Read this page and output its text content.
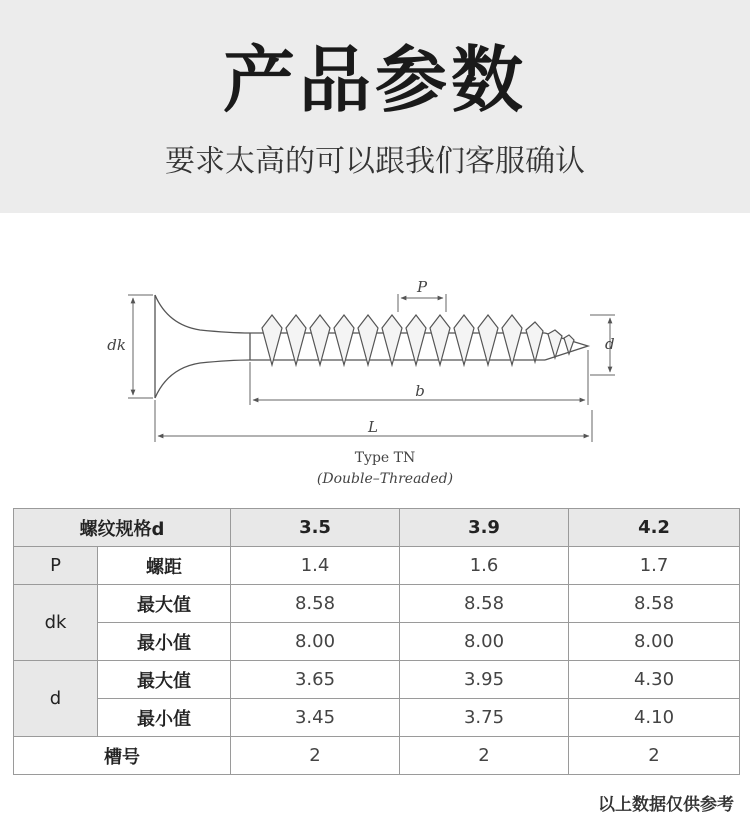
产品参数
要求太高的可以跟我们客服确认
dk
P
d
b
L
Type TN
(Double–Threaded)
螺纹规格d		3.5	3.9	4.2
P	螺距	1.4	1.6	1.7
dk	最大值	8.58	8.58	8.58
	最小值	8.00	8.00	8.00
d	最大值	3.65	3.95	4.30
	最小值	3.45	3.75	4.10
槽号		2	2	2
以上数据仅供参考
